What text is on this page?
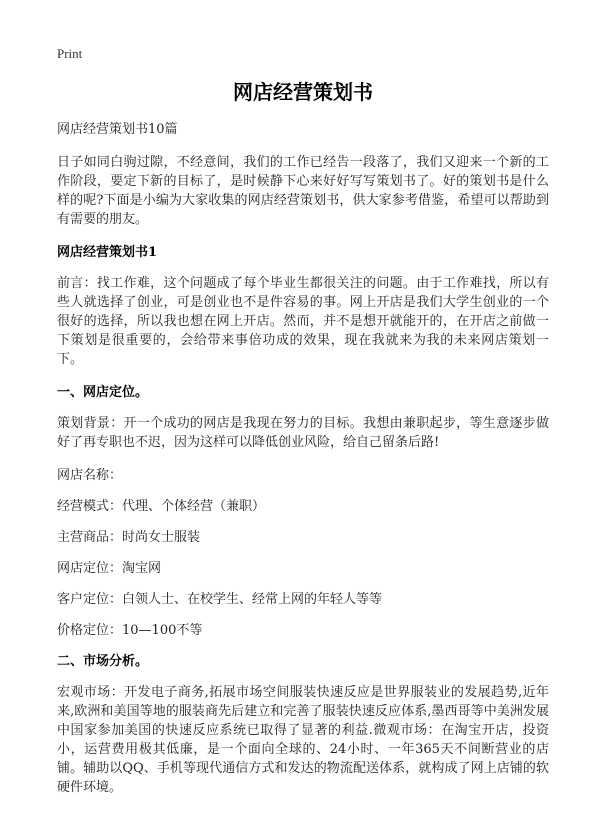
Print
网店经营策划书

网店经营策划书10篇

日子如同白驹过隙，不经意间，我们的工作已经告一段落了，我们又迎来一个新的工作阶段，要定下新的目标了，是时候静下心来好好写写策划书了。好的策划书是什么样的呢?下面是小编为大家收集的网店经营策划书，供大家参考借鉴，希望可以帮助到有需要的朋友。

网店经营策划书1

前言：找工作难，这个问题成了每个毕业生都很关注的问题。由于工作难找，所以有些人就选择了创业，可是创业也不是件容易的事。网上开店是我们大学生创业的一个很好的选择，所以我也想在网上开店。然而，并不是想开就能开的，在开店之前做一下策划是很重要的，会给带来事倍功成的效果，现在我就来为我的未来网店策划一下。

一、网店定位。

策划背景：开一个成功的网店是我现在努力的目标。我想由兼职起步，等生意逐步做好了再专职也不迟，因为这样可以降低创业风险，给自己留条后路!

网店名称：

经营模式：代理、个体经营（兼职）

主营商品：时尚女士服装

网店定位：淘宝网

客户定位：白领人士、在校学生、经常上网的年轻人等等

价格定位：10—100不等

二、市场分析。

宏观市场：开发电子商务,拓展市场空间服装快速反应是世界服装业的发展趋势,近年来,欧洲和美国等地的服装商先后建立和完善了服装快速反应体系,墨西哥等中美洲发展中国家参加美国的快速反应系统已取得了显著的利益.微观市场：在淘宝开店，投资小，运营费用极其低廉，是一个面向全球的、24小时、一年365天不间断营业的店铺。辅助以QQ、手机等现代通信方式和发达的物流配送体系，就构成了网上店铺的软硬件环境。
